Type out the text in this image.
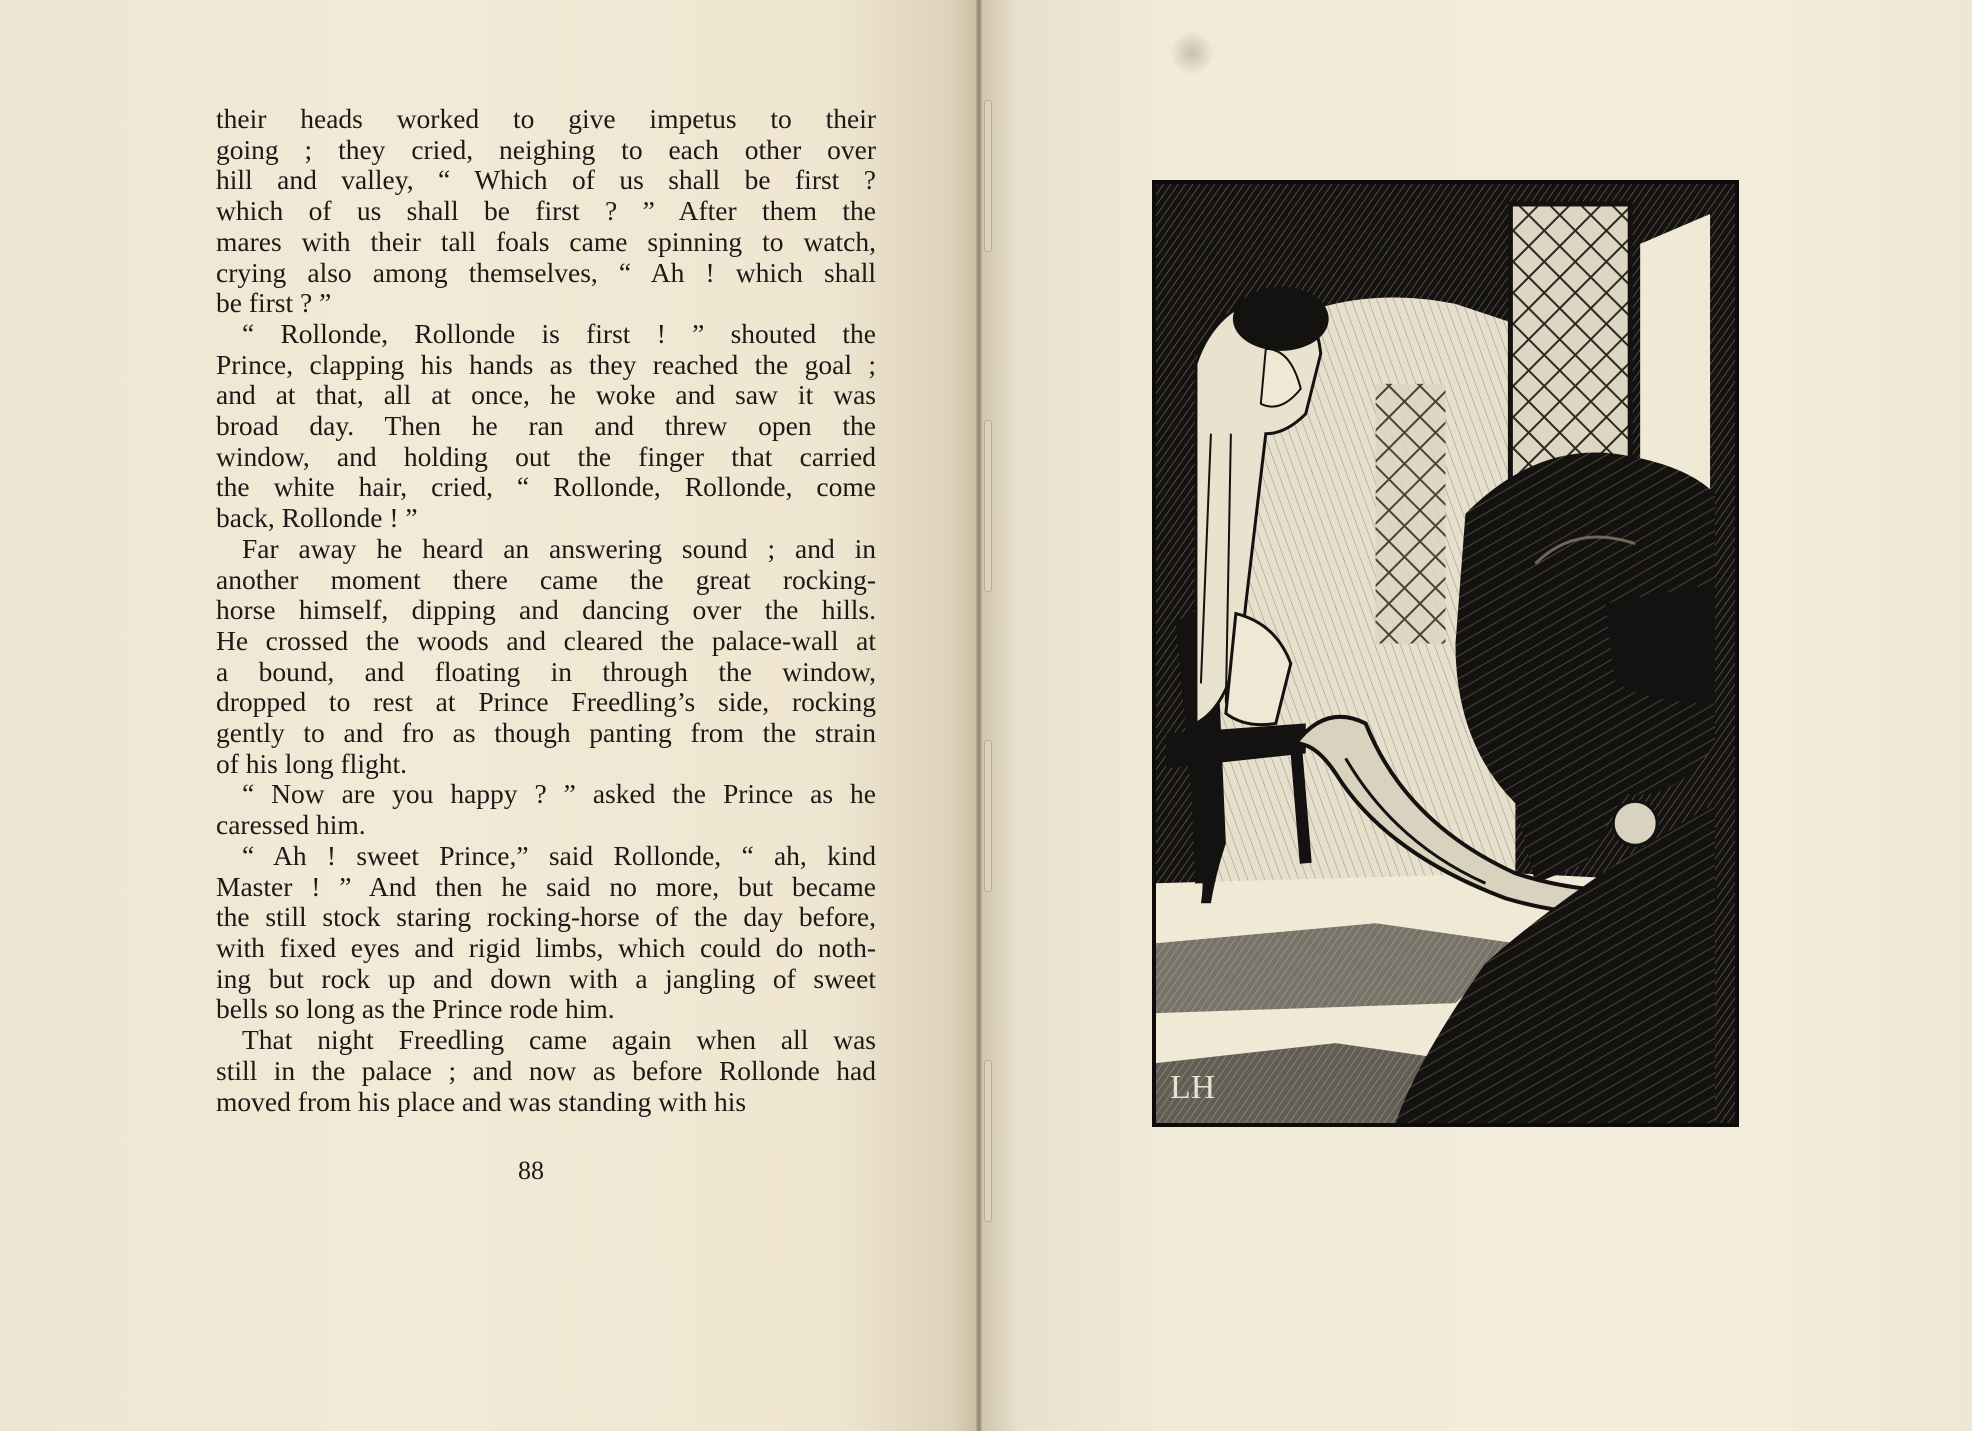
their heads worked to give impetus to their

going ; they cried, neighing to each other over

hill and valley, “ Which of us shall be first ?

which of us shall be first ? ” After them the

mares with their tall foals came spinning to watch,

crying also among themselves, “ Ah ! which shall

be first ? ”

“ Rollonde, Rollonde is first ! ” shouted the

Prince, clapping his hands as they reached the goal ;

and at that, all at once, he woke and saw it was

broad day. Then he ran and threw open the

window, and holding out the finger that carried

the white hair, cried, “ Rollonde, Rollonde, come

back, Rollonde ! ”

Far away he heard an answering sound ; and in

another moment there came the great rocking-

horse himself, dipping and dancing over the hills.

He crossed the woods and cleared the palace-wall at

a bound, and floating in through the window,

dropped to rest at Prince Freedling’s side, rocking

gently to and fro as though panting from the strain

of his long flight.

“ Now are you happy ? ” asked the Prince as he

caressed him.

“ Ah ! sweet Prince,” said Rollonde, “ ah, kind

Master ! ” And then he said no more, but became

the still stock staring rocking-horse of the day before,

with fixed eyes and rigid limbs, which could do noth-

ing but rock up and down with a jangling of sweet

bells so long as the Prince rode him.

That night Freedling came again when all was

still in the palace ; and now as before Rollonde had

moved from his place and was standing with his

88
LH
